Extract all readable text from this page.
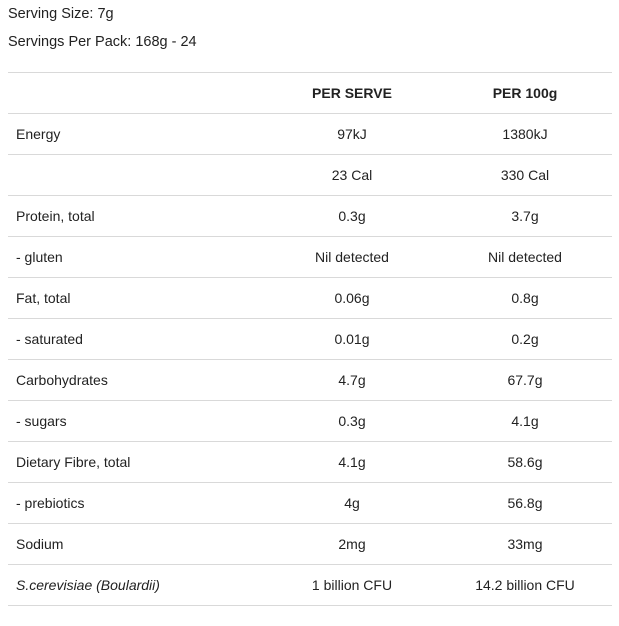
Serving Size: 7g
Servings Per Pack: 168g - 24
	PER SERVE	PER 100g
Energy	97kJ	1380kJ
	23 Cal	330 Cal
Protein, total	0.3g	3.7g
- gluten	Nil detected	Nil detected
Fat, total	0.06g	0.8g
- saturated	0.01g	0.2g
Carbohydrates	4.7g	67.7g
- sugars	0.3g	4.1g
Dietary Fibre, total	4.1g	58.6g
- prebiotics	4g	56.8g
Sodium	2mg	33mg
S.cerevisiae (Boulardii)	1 billion CFU	14.2 billion CFU
